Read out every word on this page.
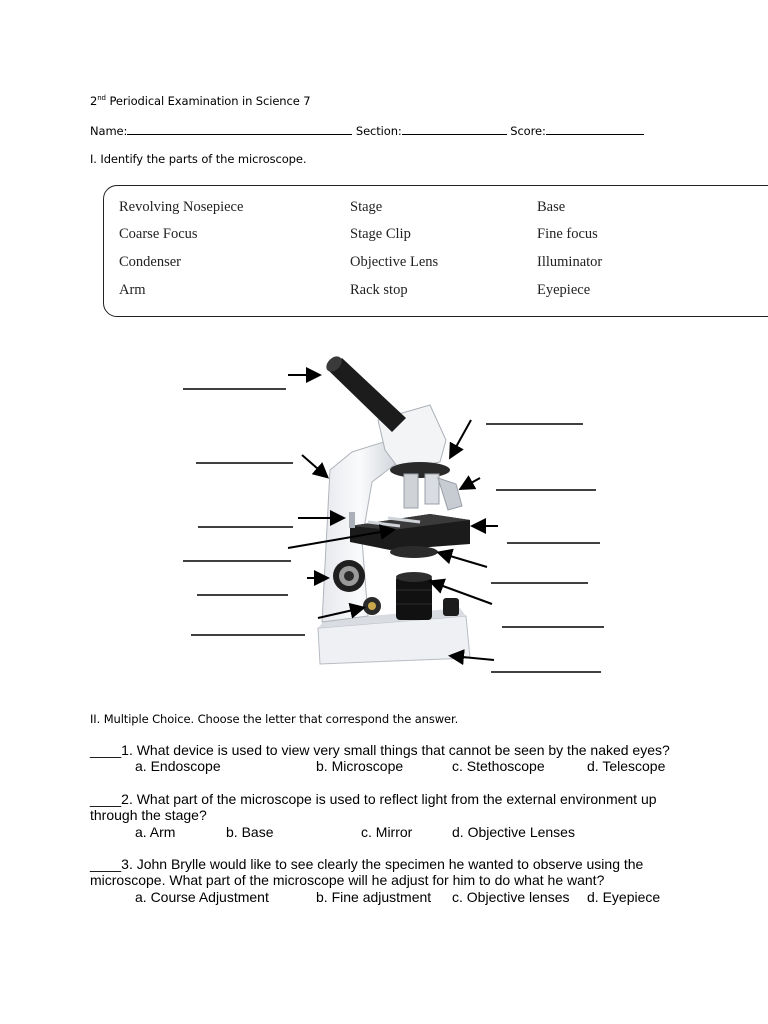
2nd Periodical Examination in Science 7
Name:	Section:	Score:
I. Identify the parts of the microscope.
Revolving Nosepiece	Stage	Base
Coarse Focus	Stage Clip	Fine focus
Condenser	Objective Lens	Illuminator
Arm	Rack stop	Eyepiece
II. Multiple Choice. Choose the letter that correspond the answer.
____1. What device is used to view very small things that cannot be seen by the naked eyes?
a. Endoscope	b. Microscope	c. Stethoscope	d. Telescope
____2. What part of the microscope is used to reflect light from the external environment up through the stage?
a. Arm	b. Base	c. Mirror	d. Objective Lenses
____3. John Brylle would like to see clearly the specimen he wanted to observe using the microscope. What part of the microscope will he adjust for him to do what he want?
a. Course Adjustment	b. Fine adjustment c. Objective lenses d. Eyepiece
